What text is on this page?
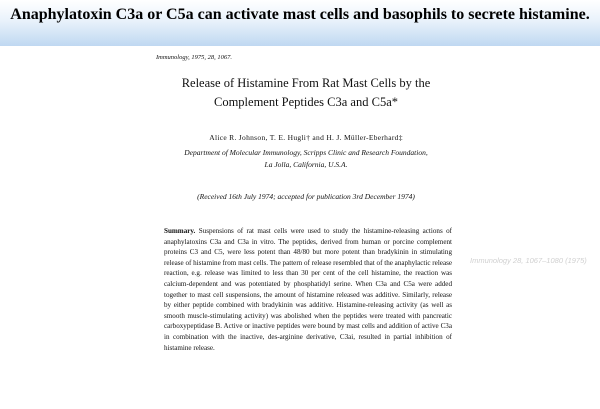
Anaphylatoxin C3a or C5a can activate mast cells and basophils to secrete histamine.
Immunology, 1975, 28, 1067.
Release of Histamine From Rat Mast Cells by the
Complement Peptides C3a and C5a*
Alice R. Johnson, T. E. Hugli† and H. J. Müller-Eberhard‡
Department of Molecular Immunology, Scripps Clinic and Research Foundation,
La Jolla, California, U.S.A.
(Received 16th July 1974; accepted for publication 3rd December 1974)
Summary. Suspensions of rat mast cells were used to study the histamine-releasing actions of anaphylatoxins C3a and C3a in vitro. The peptides, derived from human or porcine complement proteins C3 and C5, were less potent than 48/80 but more potent than bradykinin in stimulating release of histamine from mast cells. The pattern of release resembled that of the anaphylactic release reaction, e.g. release was limited to less than 30 per cent of the cell histamine, the reaction was calcium-dependent and was potentiated by phosphatidyl serine. When C3a and C5a were added together to mast cell suspensions, the amount of histamine released was additive. Similarly, release by either peptide combined with bradykinin was additive. Histamine-releasing activity (as well as smooth muscle-stimulating activity) was abolished when the peptides were treated with pancreatic carboxypeptidase B. Active or inactive peptides were bound by mast cells and addition of active C3a in combination with the inactive, des-arginine derivative, C3ai, resulted in partial inhibition of histamine release.
Immunology 28, 1067–1080 (1975)
